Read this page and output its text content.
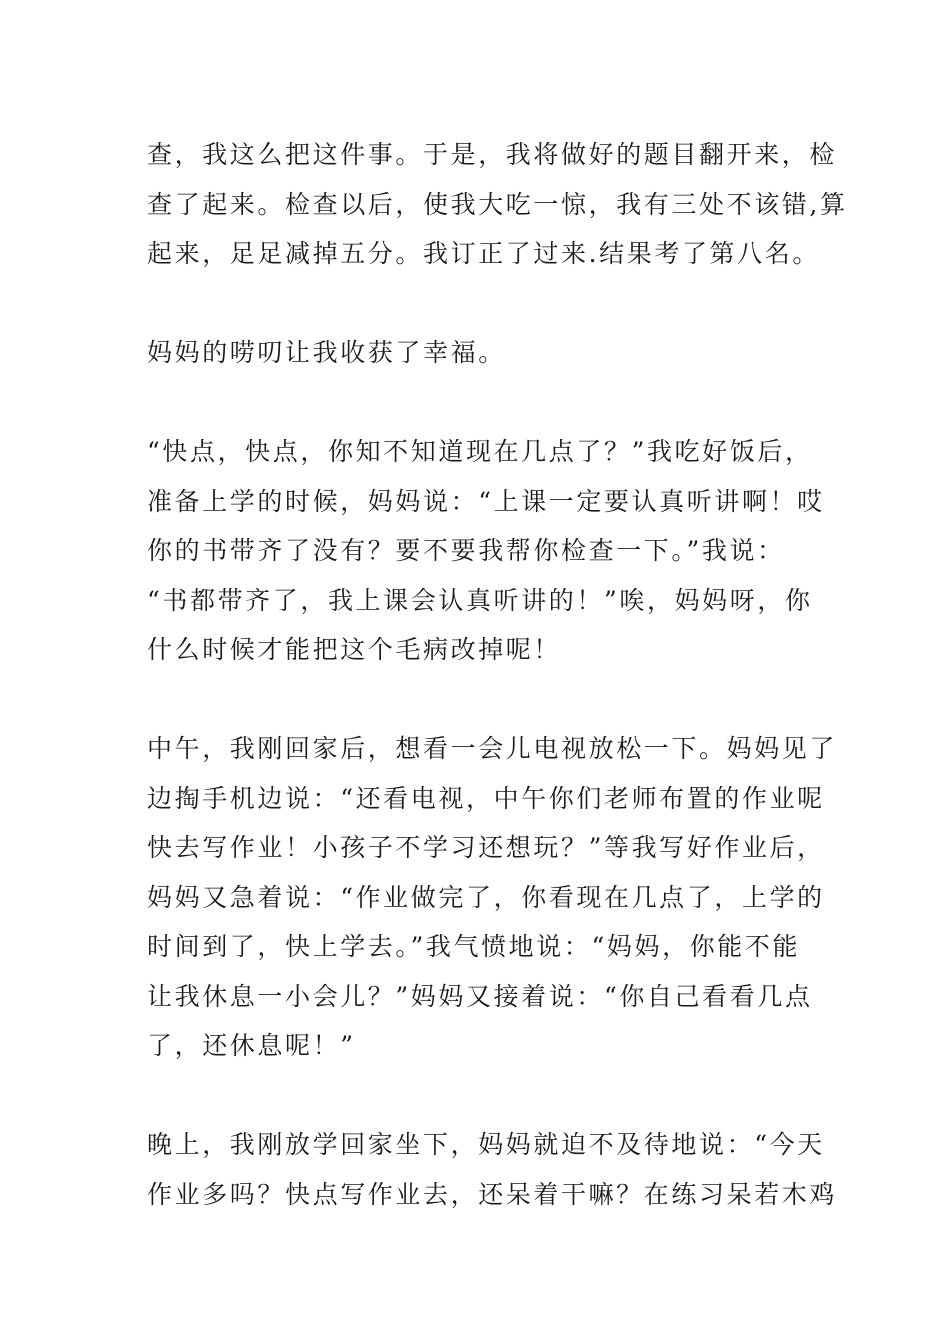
查，我这么把这件事。于是，我将做好的题目翻开来，检
查了起来。检查以后，使我大吃一惊，我有三处不该错,算
起来，足足减掉五分。我订正了过来.结果考了第八名。

妈妈的唠叨让我收获了幸福。

“快点，快点，你知不知道现在几点了？”我吃好饭后，
准备上学的时候，妈妈说：“上课一定要认真听讲啊！哎
你的书带齐了没有？要不要我帮你检查一下。”我说：
“书都带齐了，我上课会认真听讲的！”唉，妈妈呀，你
什么时候才能把这个毛病改掉呢！

中午，我刚回家后，想看一会儿电视放松一下。妈妈见了
边掏手机边说：“还看电视，中午你们老师布置的作业呢
快去写作业！小孩子不学习还想玩？”等我写好作业后，
妈妈又急着说：“作业做完了，你看现在几点了，上学的
时间到了，快上学去。”我气愤地说：“妈妈，你能不能
让我休息一小会儿？”妈妈又接着说：“你自己看看几点
了，还休息呢！”

晚上，我刚放学回家坐下，妈妈就迫不及待地说：“今天
作业多吗？快点写作业去，还呆着干嘛？在练习呆若木鸡
